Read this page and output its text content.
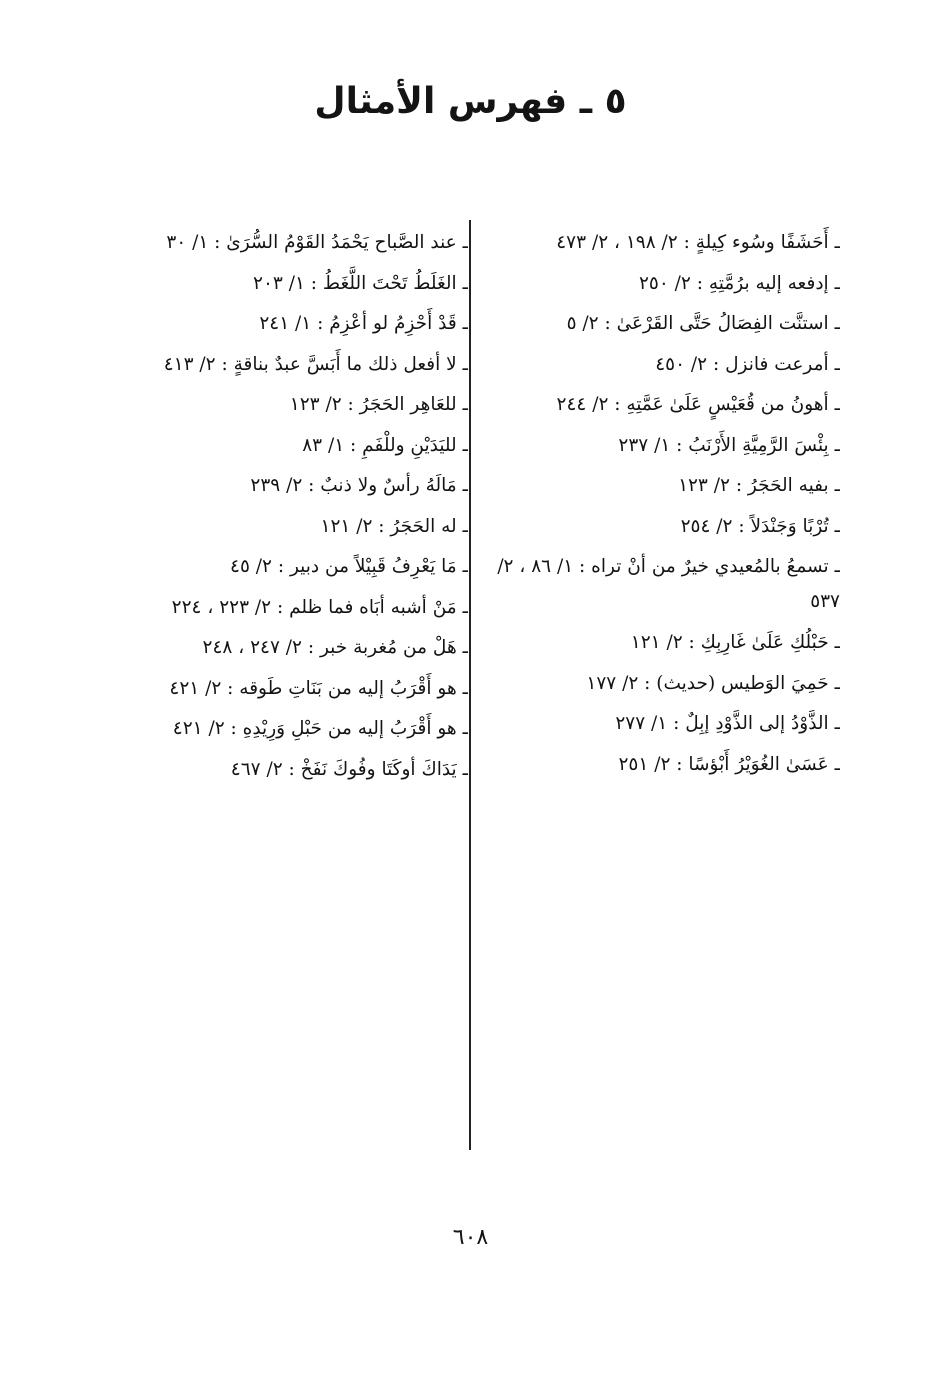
٥ ـ فهرس الأمثال
ـ أَحَشَفًا وسُوء كِيلةٍ : ٢/ ١٩٨ ، ٢/ ٤٧٣
ـ إدفعه إليه برُمَّتِهِ : ٢/ ٢٥٠
ـ استنَّت الفِصَالُ حَتَّى القَرْعَىٰ : ٢/ ٥
ـ أمرعت فانزل : ٢/ ٤٥٠
ـ أهونُ من قُعَيْسٍ عَلَىٰ عَمَّتِهِ : ٢/ ٢٤٤
ـ بِئْسَ الرَّمِيَّةِ الأَرْنَبُ : ١/ ٢٣٧
ـ بفيه الحَجَرُ : ٢/ ١٢٣
ـ تُرْبًا وَجَنْدَلاً : ٢/ ٢٥٤
ـ تسمعُ بالمُعيدي خيرٌ من أنْ تراه : ١/ ٨٦ ، ٢/ ٥٣٧
ـ حَبْلُكِ عَلَىٰ غَارِبِكِ : ٢/ ١٢١
ـ حَمِيَ الوَطيس (حديث) : ٢/ ١٧٧
ـ الذَّوْدُ إلى الذَّوْدِ إبِلٌ : ١/ ٢٧٧
ـ عَسَىٰ الغُوَيْرُ أَبْؤسًا : ٢/ ٢٥١
ـ عند الصَّباح يَحْمَدُ القَوْمُ السُّرَىٰ : ١/ ٣٠
ـ الغَلَطُ تَحْتَ اللَّغَطُ : ١/ ٢٠٣
ـ قَدْ أَحْزِمُ لو أعْزِمُ : ١/ ٢٤١
ـ لا أفعل ذلك ما أَبَسَّ عبدٌ بناقةٍ : ٢/ ٤١٣
ـ للعَاهِر الحَجَرُ : ٢/ ١٢٣
ـ لليَدَيْنِ وللْفَمِ : ١/ ٨٣
ـ مَالَهُ رأسٌ ولا ذنبٌ : ٢/ ٢٣٩
ـ له الحَجَرُ : ٢/ ١٢١
ـ مَا يَعْرِفُ قَبِيْلاً من دبير : ٢/ ٤٥
ـ مَنْ أشبه أبَاه فما ظلم : ٢/ ٢٢٣ ، ٢٢٤
ـ هَلْ من مُغربة خبر : ٢/ ٢٤٧ ، ٢٤٨
ـ هو أَقْرَبُ إليه من بَنَاتِ طَوقه : ٢/ ٤٢١
ـ هو أَقْرَبُ إليه من حَبْلِ وَرِيْدِهِ : ٢/ ٤٢١
ـ يَدَاكَ أوكَتَا وفُوكَ نَفَخْ : ٢/ ٤٦٧
٦٠٨
